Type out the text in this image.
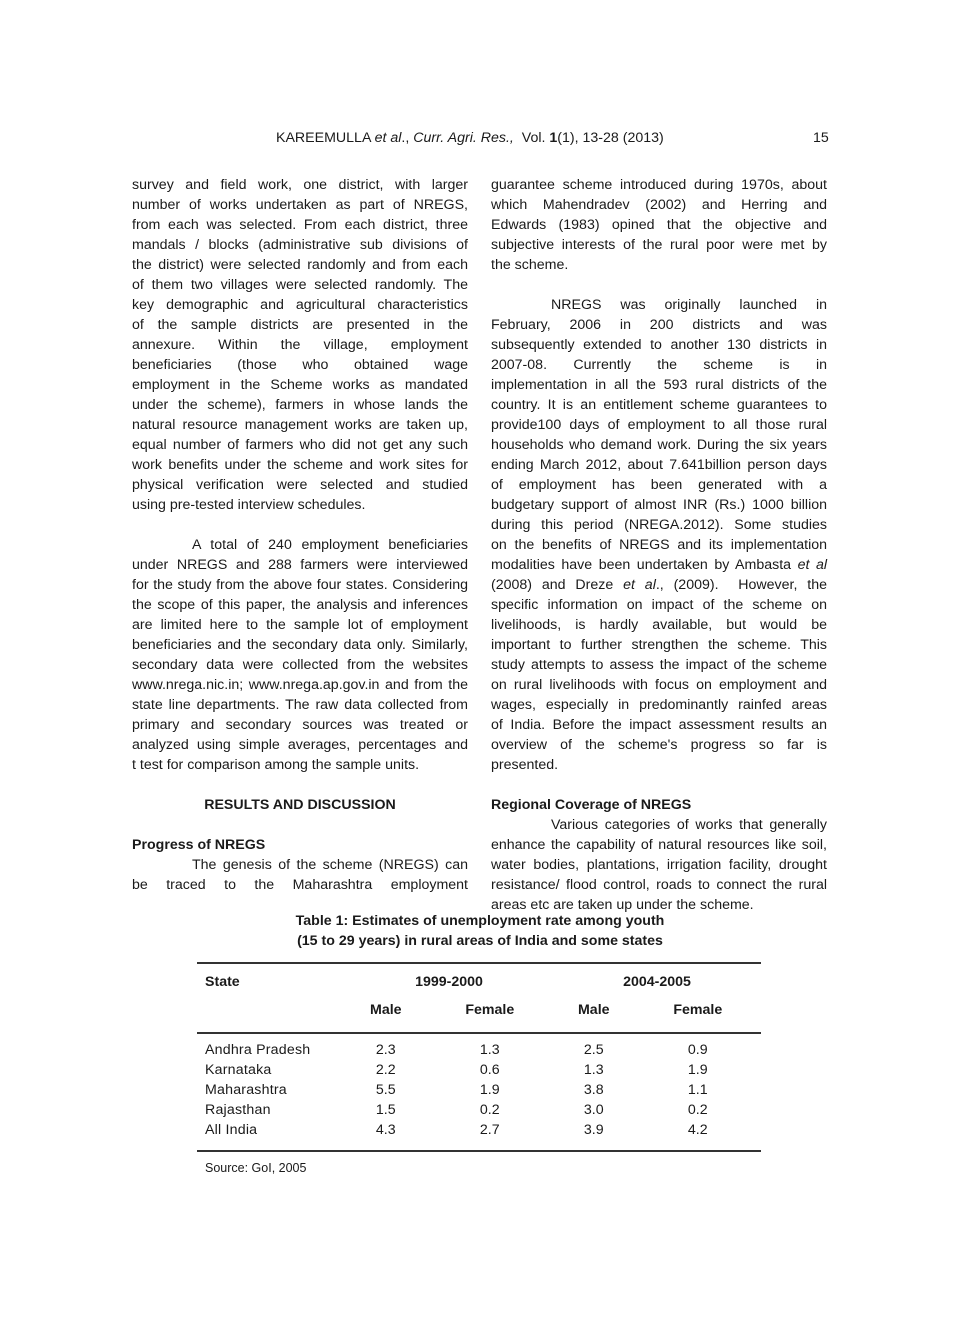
KAREEMULLA et al., Curr. Agri. Res.,  Vol. 1(1), 13-28 (2013)	15
survey and field work, one district, with larger
number of works undertaken as part of NREGS,
from each was selected. From each district, three
mandals / blocks (administrative sub divisions of
the district) were selected randomly and from each
of them two villages were selected randomly. The
key demographic and agricultural characteristics
of the sample districts are presented in the
annexure. Within the village, employment
beneficiaries (those who obtained wage
employment in the Scheme works as mandated
under the scheme), farmers in whose lands the
natural resource management works are taken up,
equal number of farmers who did not get any such
work benefits under the scheme and work sites for
physical verification were selected and studied
using pre-tested interview schedules.
A total of 240 employment beneficiaries
under NREGS and 288 farmers were interviewed
for the study from the above four states. Considering
the scope of this paper, the analysis and inferences
are limited here to the sample lot of employment
beneficiaries and the secondary data only. Similarly,
secondary data were collected from the websites
www.nrega.nic.in; www.nrega.ap.gov.in and from the
state line departments. The raw data collected from
primary and secondary sources was treated or
analyzed using simple averages, percentages and
t test for comparison among the sample units.
RESULTS AND DISCUSSION
Progress of NREGS
The genesis of the scheme (NREGS) can
be traced to the Maharashtra employment
guarantee scheme introduced during 1970s, about
which Mahendradev (2002) and Herring and
Edwards (1983) opined that the objective and
subjective interests of the rural poor were met by
the scheme.
NREGS was originally launched in
February, 2006 in 200 districts and was
subsequently extended to another 130 districts in
2007-08. Currently the scheme is in
implementation in all the 593 rural districts of the
country. It is an entitlement scheme guarantees to
provide100 days of employment to all those rural
households who demand work. During the six years
ending March 2012, about 7.641billion person days
of employment has been generated with a
budgetary support of almost INR (Rs.) 1000 billion
during this period (NREGA.2012). Some studies
on the benefits of NREGS and its implementation
modalities have been undertaken by Ambasta et al
(2008) and Dreze et al., (2009).  However, the
specific information on impact of the scheme on
livelihoods, is hardly available, but would be
important to further strengthen the scheme. This
study attempts to assess the impact of the scheme
on rural livelihoods with focus on employment and
wages, especially in predominantly rainfed areas
of India. Before the impact assessment results an
overview of the scheme's progress so far is
presented.
Regional Coverage of NREGS
Various categories of works that generally
enhance the capability of natural resources like soil,
water bodies, plantations, irrigation facility, drought
resistance/ flood control, roads to connect the rural
areas etc are taken up under the scheme.
Table 1: Estimates of unemployment rate among youth
(15 to 29 years) in rural areas of India and some states
State	1999-2000		2004-2005	
	Male	Female	Male	Female
Andhra Pradesh	2.3	1.3	2.5	0.9
Karnataka	2.2	0.6	1.3	1.9
Maharashtra	5.5	1.9	3.8	1.1
Rajasthan	1.5	0.2	3.0	0.2
All India	4.3	2.7	3.9	4.2
Source: GoI, 2005
